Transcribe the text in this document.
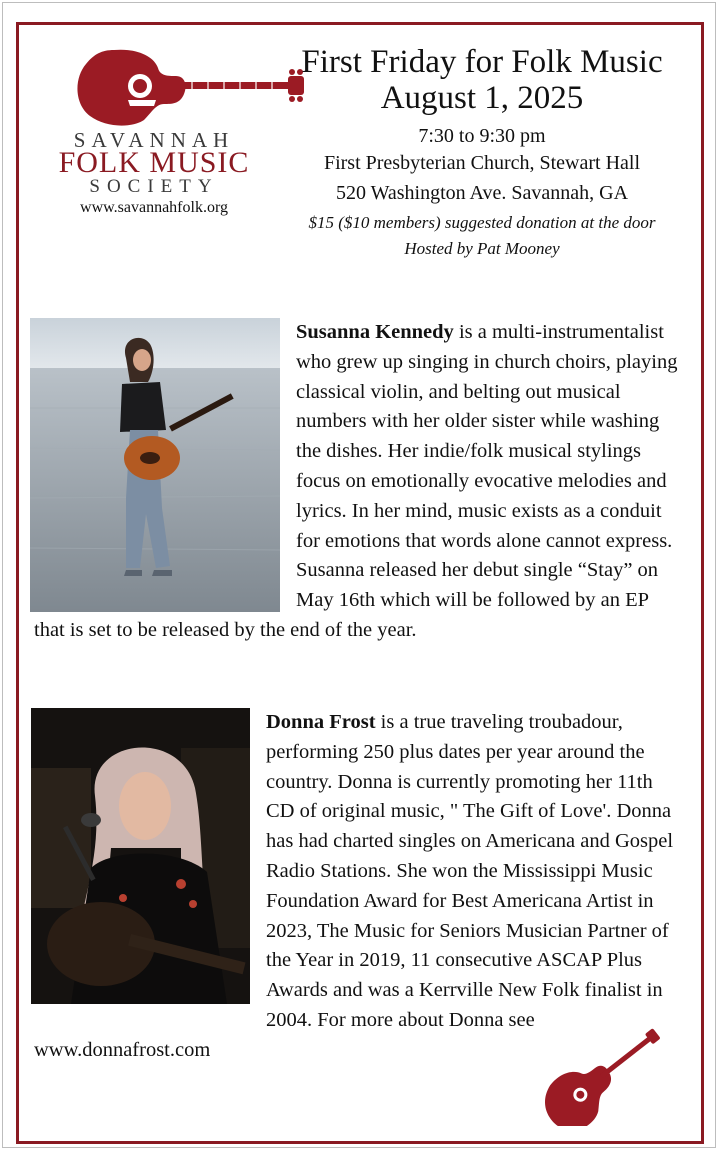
SAVANNAH
FOLK MUSIC
SOCIETY
www.savannahfolk.org
First Friday for Folk Music
August 1, 2025
7:30 to 9:30 pm
First Presbyterian Church, Stewart Hall
520 Washington Ave. Savannah, GA
$15 ($10 members) suggested donation at the door
Hosted by Pat Mooney
Susanna Kennedy is a multi-instrumentalist who grew up singing in church choirs, playing classical violin, and belting out musical numbers with her older sister while washing the dishes. Her indie/folk musical stylings focus on emotionally evocative melodies and lyrics. In her mind, music exists as a conduit for emotions that words alone cannot express. Susanna released her debut single “Stay” on May 16th which will be followed by an EP that is set to be released by the end of the year.
Donna Frost is a true traveling troubadour, performing 250 plus dates per year around the country. Donna is currently promoting her 11th CD of original music, " The Gift of Love'. Donna has had charted singles on Americana and Gospel Radio Stations. She won the Mississippi Music Foundation Award for Best Americana Artist in 2023, The Music for Seniors Musician Partner of the Year in 2019, 11 consecutive ASCAP Plus Awards and was a Kerrville New Folk finalist in 2004. For more about Donna see www.donnafrost.com
